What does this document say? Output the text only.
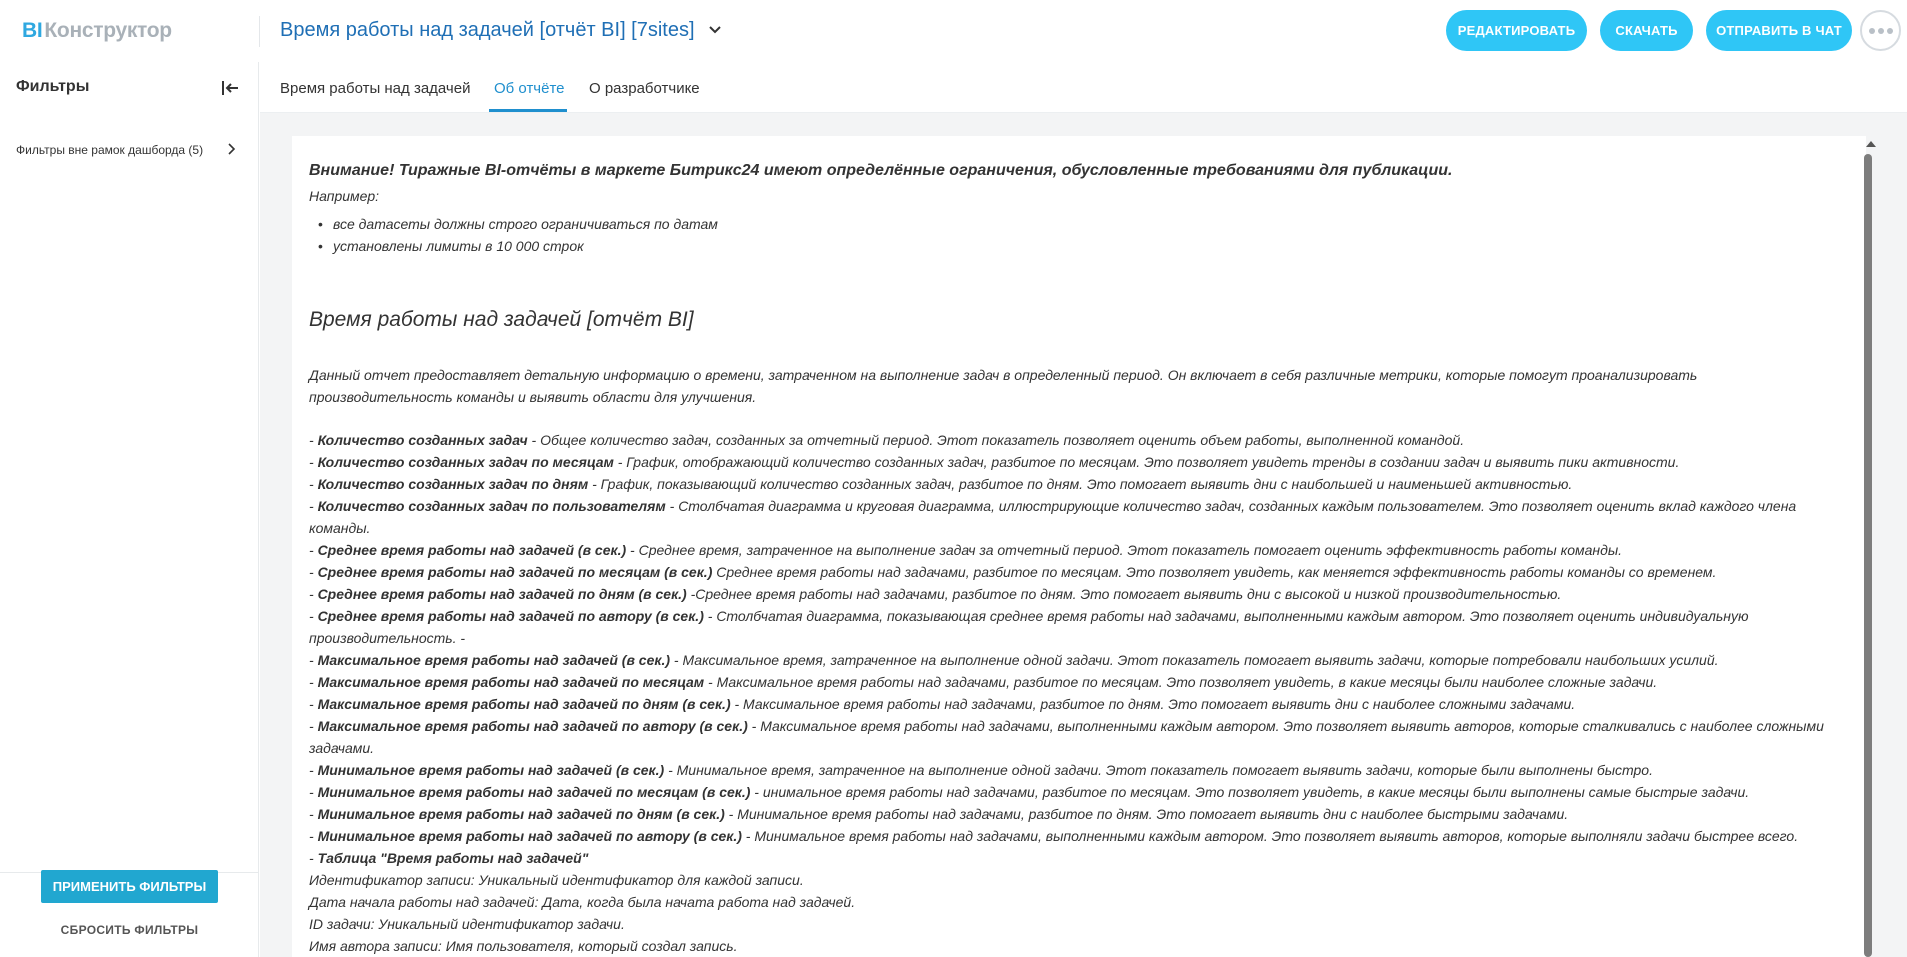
BIКонструктор	Время работы над задачей [отчёт BI] [7sites]	РЕДАКТИРОВАТЬ	СКАЧАТЬ	ОТПРАВИТЬ В ЧАТ
Фильтры
Фильтры вне рамок дашборда (5)
ПРИМЕНИТЬ ФИЛЬТРЫ
СБРОСИТЬ ФИЛЬТРЫ
Время работы над задачей Об отчёте О разработчике
Внимание! Тиражные BI-отчёты в маркете Битрикс24 имеют определённые ограничения, обусловленные требованиями для публикации.
Например:
• все датасеты должны строго ограничиваться по датам
• установлены лимиты в 10 000 строк
Время работы над задачей [отчёт BI]
Данный отчет предоставляет детальную информацию о времени, затраченном на выполнение задач в определенный период. Он включает в себя различные метрики, которые помогут проанализировать производительность команды и выявить области для улучшения.
- Количество созданных задач - Общее количество задач, созданных за отчетный период. Этот показатель позволяет оценить объем работы, выполненной командой.
- Количество созданных задач по месяцам - График, отображающий количество созданных задач, разбитое по месяцам. Это позволяет увидеть тренды в создании задач и выявить пики активности.
- Количество созданных задач по дням - График, показывающий количество созданных задач, разбитое по дням. Это помогает выявить дни с наибольшей и наименьшей активностью.
- Количество созданных задач по пользователям - Столбчатая диаграмма и круговая диаграмма, иллюстрирующие количество задач, созданных каждым пользователем. Это позволяет оценить вклад каждого члена команды.
- Среднее время работы над задачей (в сек.) - Среднее время, затраченное на выполнение задач за отчетный период. Этот показатель помогает оценить эффективность работы команды.
- Среднее время работы над задачей по месяцам (в сек.) Среднее время работы над задачами, разбитое по месяцам. Это позволяет увидеть, как меняется эффективность работы команды со временем.
- Среднее время работы над задачей по дням (в сек.) -Среднее время работы над задачами, разбитое по дням. Это помогает выявить дни с высокой и низкой производительностью.
- Среднее время работы над задачей по автору (в сек.) - Столбчатая диаграмма, показывающая среднее время работы над задачами, выполненными каждым автором. Это позволяет оценить индивидуальную производительность. -
- Максимальное время работы над задачей (в сек.) - Максимальное время, затраченное на выполнение одной задачи. Этот показатель помогает выявить задачи, которые потребовали наибольших усилий.
- Максимальное время работы над задачей по месяцам - Максимальное время работы над задачами, разбитое по месяцам. Это позволяет увидеть, в какие месяцы были наиболее сложные задачи.
- Максимальное время работы над задачей по дням (в сек.) - Максимальное время работы над задачами, разбитое по дням. Это помогает выявить дни с наиболее сложными задачами.
- Максимальное время работы над задачей по автору (в сек.) - Максимальное время работы над задачами, выполненными каждым автором. Это позволяет выявить авторов, которые сталкивались с наиболее сложными задачами.
- Минимальное время работы над задачей (в сек.) - Минимальное время, затраченное на выполнение одной задачи. Этот показатель помогает выявить задачи, которые были выполнены быстро.
- Минимальное время работы над задачей по месяцам (в сек.) - инимальное время работы над задачами, разбитое по месяцам. Это позволяет увидеть, в какие месяцы были выполнены самые быстрые задачи.
- Минимальное время работы над задачей по дням (в сек.) - Минимальное время работы над задачами, разбитое по дням. Это помогает выявить дни с наиболее быстрыми задачами.
- Минимальное время работы над задачей по автору (в сек.) - Минимальное время работы над задачами, выполненными каждым автором. Это позволяет выявить авторов, которые выполняли задачи быстрее всего.
- Таблица "Время работы над задачей"
Идентификатор записи: Уникальный идентификатор для каждой записи.
Дата начала работы над задачей: Дата, когда была начата работа над задачей.
ID задачи: Уникальный идентификатор задачи.
Имя автора записи: Имя пользователя, который создал запись.
